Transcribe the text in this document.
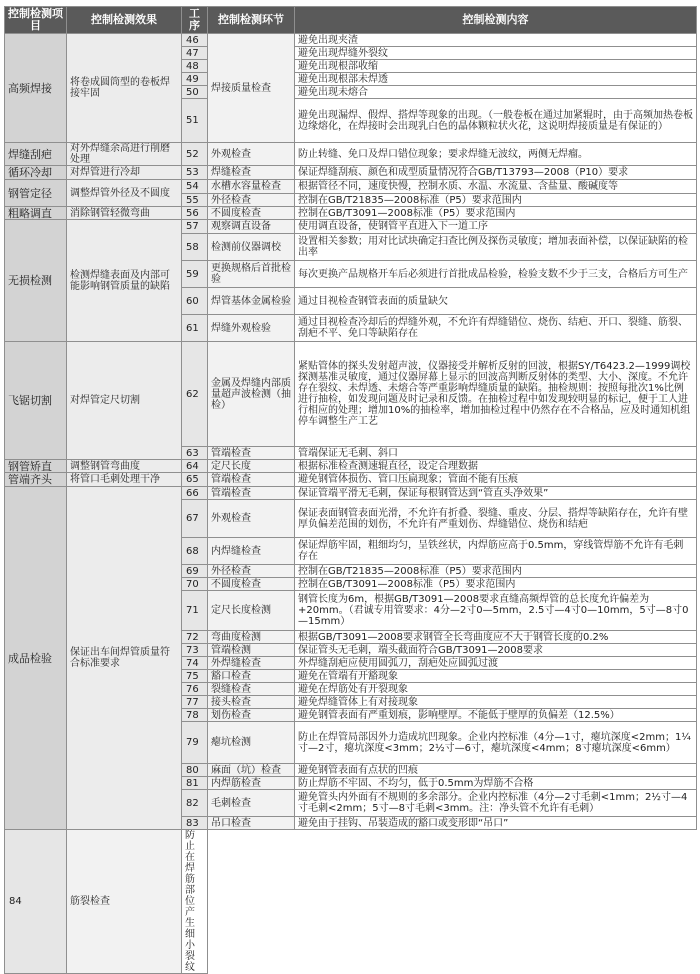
控制检测项目	控制检测效果	工序	控制检测环节	控制检测内容
高频焊接	将卷成圆筒型的卷板焊接牢固	46	焊接质量检查	避免出现夹渣
		47		避免出现焊缝外裂纹
		48		避免出现根部收缩
		49		避免出现根部未焊透
		50		避免出现未熔合
		51		避免出现漏焊、假焊、搭焊等现象的出现。（一般卷板在通过加紧辊时，由于高频加热卷板边缘熔化，在焊接时会出现乳白色的晶体颗粒状火花，这说明焊接质量是有保证的）
焊缝刮疤	对外焊缝余高进行削磨处理	52	外观检查	防止转缝、免口及焊口错位现象；要求焊缝无波纹，两侧无焊瘤。
循环冷却	对焊管进行冷却	53	焊缝检查	保证焊缝刮痕、颜色和成型质量情况符合GB/T13793—2008（P10）要求
钢管定径	调整焊管外径及不圆度	54	水槽水容量检查	根据管径不同，速度快慢，控制水质、水温、水流量、含盐量、酸碱度等
		55	外径检查	控制在GB/T21835—2008标准（P5）要求范围内
粗略调直	消除钢管轻微弯曲	56	不圆度检查	控制在GB/T3091—2008标准（P5）要求范围内
无损检测	检测焊缝表面及内部可能影响钢管质量的缺陷	57	观察调直设备	使用调直设备，使钢管平直进入下一道工序
		58	检测前仪器调校	设置相关参数；用对比试块确定扫查比例及探伤灵敏度；增加表面补偿，以保证缺陷的检出率
		59	更换规格后首批检验	每次更换产品规格开车后必须进行首批成品检验，检验支数不少于三支，合格后方可生产
		60	焊管基体金属检验	通过目视检查钢管表面的质量缺欠
		61	焊缝外观检验	通过目视检查冷却后的焊缝外观，不允许有焊缝错位、烧伤、结疤、开口、裂缝、筋裂、刮疤不平、免口等缺陷存在
飞锯切割	对焊管定尺切割	62	金属及焊缝内部质量超声波检测（抽检）	紧贴管体的探头发射超声波，仪器接受并解析反射的回波，根据SY/T6423.2—1999调校探测基准灵敏度，通过仪器屏幕上显示的回波高判断反射体的类型、大小、深度。不允许存在裂纹、未焊透、未熔合等严重影响焊缝质量的缺陷。抽检规则：按照每批次1%比例进行抽检，如发现问题及时记录和反馈。在抽检过程中如发现较明显的标记，便于工人进行相应的处理；增加10%的抽检率，增加抽检过程中仍然存在不合格品，应及时通知机组停车调整生产工艺
		63	管端检查	管端保证无毛刺、斜口
钢管矫直	调整钢管弯曲度	64	定尺长度	根据标准检查测速辊直径，设定合理数据
管端齐头	将管口毛刺处理干净	65	管端检查	避免钢管体损伤、管口压扁现象；管面不能有压痕
成品检验	保证出车间焊管质量符合标准要求	66	管端检查	保证管端平滑无毛刺，保证每根钢管达到“管直头净效果”
		67	外观检查	保证表面钢管表面光滑，不允许有折叠、裂缝、重皮、分层、搭焊等缺陷存在，允许有壁厚负偏差范围的划伤，不允许有严重划伤、焊缝错位、烧伤和结疤
		68	内焊缝检查	保证焊筋牢固，粗细均匀，呈铁丝状，内焊筋应高于0.5mm，穿线管焊筋不允许有毛刺存在
		69	外径检查	控制在GB/T21835—2008标准（P5）要求范围内
		70	不圆度检查	控制在GB/T3091—2008标准（P5）要求范围内
		71	定尺长度检测	钢管长度为6m，根据GB/T3091—2008要求直缝高频焊管的总长度允许偏差为+20mm。（君诚专用管要求：4分—2寸0—5mm，2.5寸—4寸0—10mm，5寸—8寸0—15mm）
		72	弯曲度检测	根据GB/T3091—2008要求钢管全长弯曲度应不大于钢管长度的0.2%
		73	管端检测	保证管头无毛刺，端头截面符合GB/T3091—2008要求
		74	外焊缝检查	外焊缝刮疤应使用圆弧刀，刮疤处应圆弧过渡
		75	豁口检查	避免在管端有开豁现象
		76	裂缝检查	避免在焊筋处有开裂现象
		77	接头检查	避免焊缝管体上有对接现象
		78	划伤检查	避免钢管表面有严重划痕，影响壁厚。不能低于壁厚的负偏差（12.5%）
		79	瘪坑检测	防止在焊管局部因外力造成坑凹现象。企业内控标准（4分—1寸，瘪坑深度<2mm；1¼寸—2寸，瘪坑深度<3mm；2½寸—6寸，瘪坑深度<4mm；8寸瘪坑深度<6mm）
		80	麻面（坑）检查	避免钢管表面有点状的凹痕
		81	内焊筋检查	防止焊筋不牢固、不均匀，低于0.5mm为焊筋不合格
		82	毛刺检查	避免管头内外面有不规则的多余部分。企业内控标准（4分—2寸毛刺<1mm；2½寸—4寸毛刺<2mm；5寸—8寸毛刺<3mm。注：净头管不允许有毛刺）
		83	吊口检查	避免由于挂钩、吊装造成的豁口或变形即“吊口”
84	筋裂检查	防止在焊筋部位产生细小裂纹		
